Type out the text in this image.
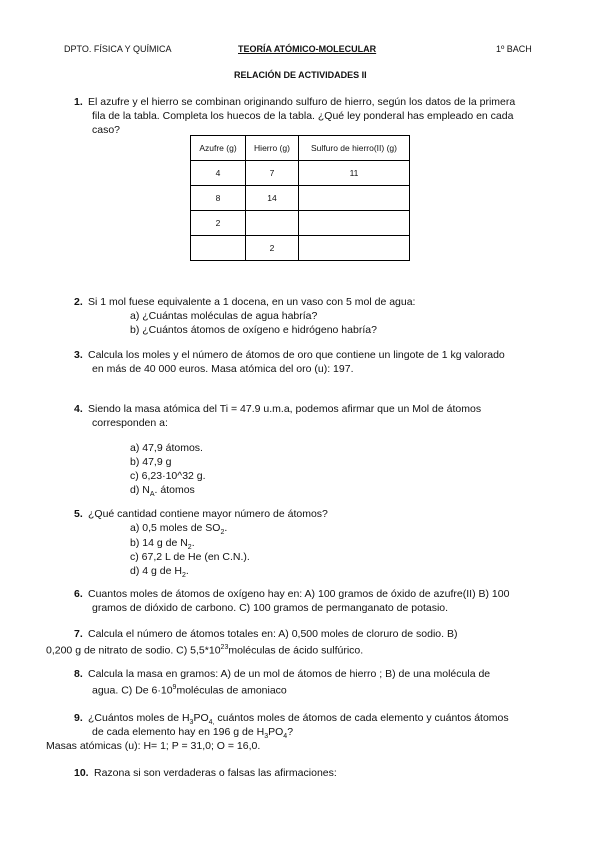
DPTO. FÍSICA Y QUÍMICA	TEORÍA ATÓMICO-MOLECULAR	1º BACH
RELACIÓN DE ACTIVIDADES II
1. El azufre y el hierro se combinan originando sulfuro de hierro, según los datos de la primera
fila de la tabla. Completa los huecos de la tabla. ¿Qué ley ponderal has empleado en cada
caso?
Azufre (g)	Hierro (g)	Sulfuro de hierro(II) (g)
4	7	11
8	14	
2		
	2	
2. Si 1 mol fuese equivalente a 1 docena, en un vaso con 5 mol de agua:
a) ¿Cuántas moléculas de agua habría?
b) ¿Cuántos átomos de oxígeno e hidrógeno habría?
3. Calcula los moles y el número de átomos de oro que contiene un lingote de 1 kg valorado
en más de 40 000 euros. Masa atómica del oro (u): 197.
4. Siendo la masa atómica del Ti = 47.9 u.m.a, podemos afirmar que un Mol de átomos
corresponden a:
a) 47,9 átomos.
b) 47,9 g
c) 6,23·10^32 g.
d) $N_A$. átomos
5. ¿Qué cantidad contiene mayor número de átomos?
a) 0,5 moles de $SO_2$.
b) 14 g de $N_2$.
c) 67,2 L de He (en C.N.).
d) 4 g de $H_2$.
6. Cuantos moles de átomos de oxígeno hay en: A) 100 gramos de óxido de azufre(II) B) 100
gramos de dióxido de carbono. C) 100 gramos de permanganato de potasio.
7. Calcula el número de átomos totales en: A) 0,500 moles de cloruro de sodio. B)
0,200 g de nitrato de sodio. C) $5,5*10^{23}moléculas$ de ácido sulfúrico.
8. Calcula la masa en gramos: A) de un mol de átomos de hierro ; B) de una molécula de
agua. C) De $6\cdot 10^9moléculas$ de amoniaco
9. ¿Cuántos moles de $H_3PO_{4,}$ cuántos moles de átomos de cada elemento y cuántos átomos
de cada elemento hay en 196 g de $H_3PO_4$?
Masas atómicas (u): H= 1; P = 31,0; O = 16,0.
10. Razona si son verdaderas o falsas las afirmaciones:
